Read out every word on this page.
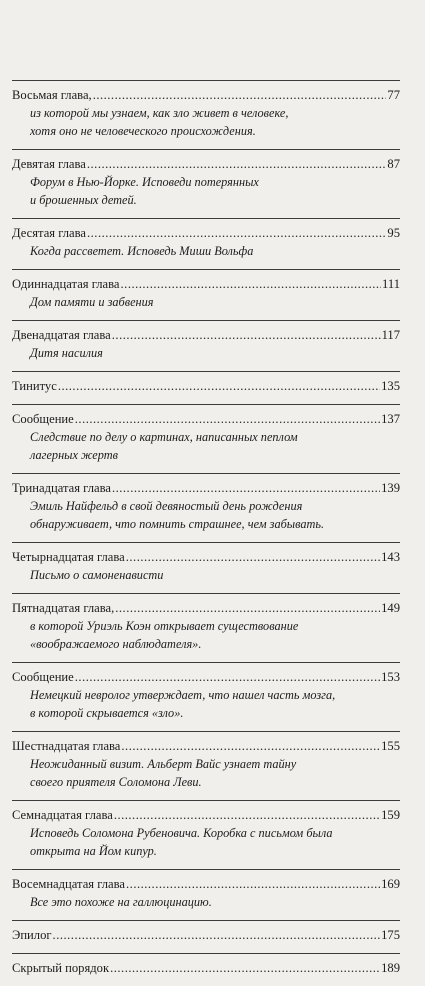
Восьмая глава, .....	77
из которой мы узнаем, как зло живет в человеке,
хотя оно не человеческого происхождения.
Девятая глава .....	87
Форум в Нью-Йорке. Исповеди потерянных
и брошенных детей.
Десятая глава .....	95
Когда рассветет. Исповедь Миши Вольфа
Одиннадцатая глава .....	111
Дом памяти и забвения
Двенадцатая глава .....	117
Дитя насилия
Тинитус .....	135
Сообщение .....	137
Следствие по делу о картинах, написанных пеплом
лагерных жертв
Тринадцатая глава .....	139
Эмиль Найфельд в свой девяностый день рождения
обнаруживает, что помнить страшнее, чем забывать.
Четырнадцатая глава .....	143
Письмо о самоненависти
Пятнадцатая глава, .....	149
в которой Уриэль Коэн открывает существование
«воображаемого наблюдателя».
Сообщение .....	153
Немецкий невролог утверждает, что нашел часть мозга,
в которой скрывается «зло».
Шестнадцатая глава .....	155
Неожиданный визит. Альберт Вайс узнает тайну
своего приятеля Соломона Леви.
Семнадцатая глава .....	159
Исповедь Соломона Рубеновича. Коробка с письмом была
открыта на Йом кипур.
Восемнадцатая глава .....	169
Все это похоже на галлюцинацию.
Эпилог .....	175
Скрытый порядок .....	189
